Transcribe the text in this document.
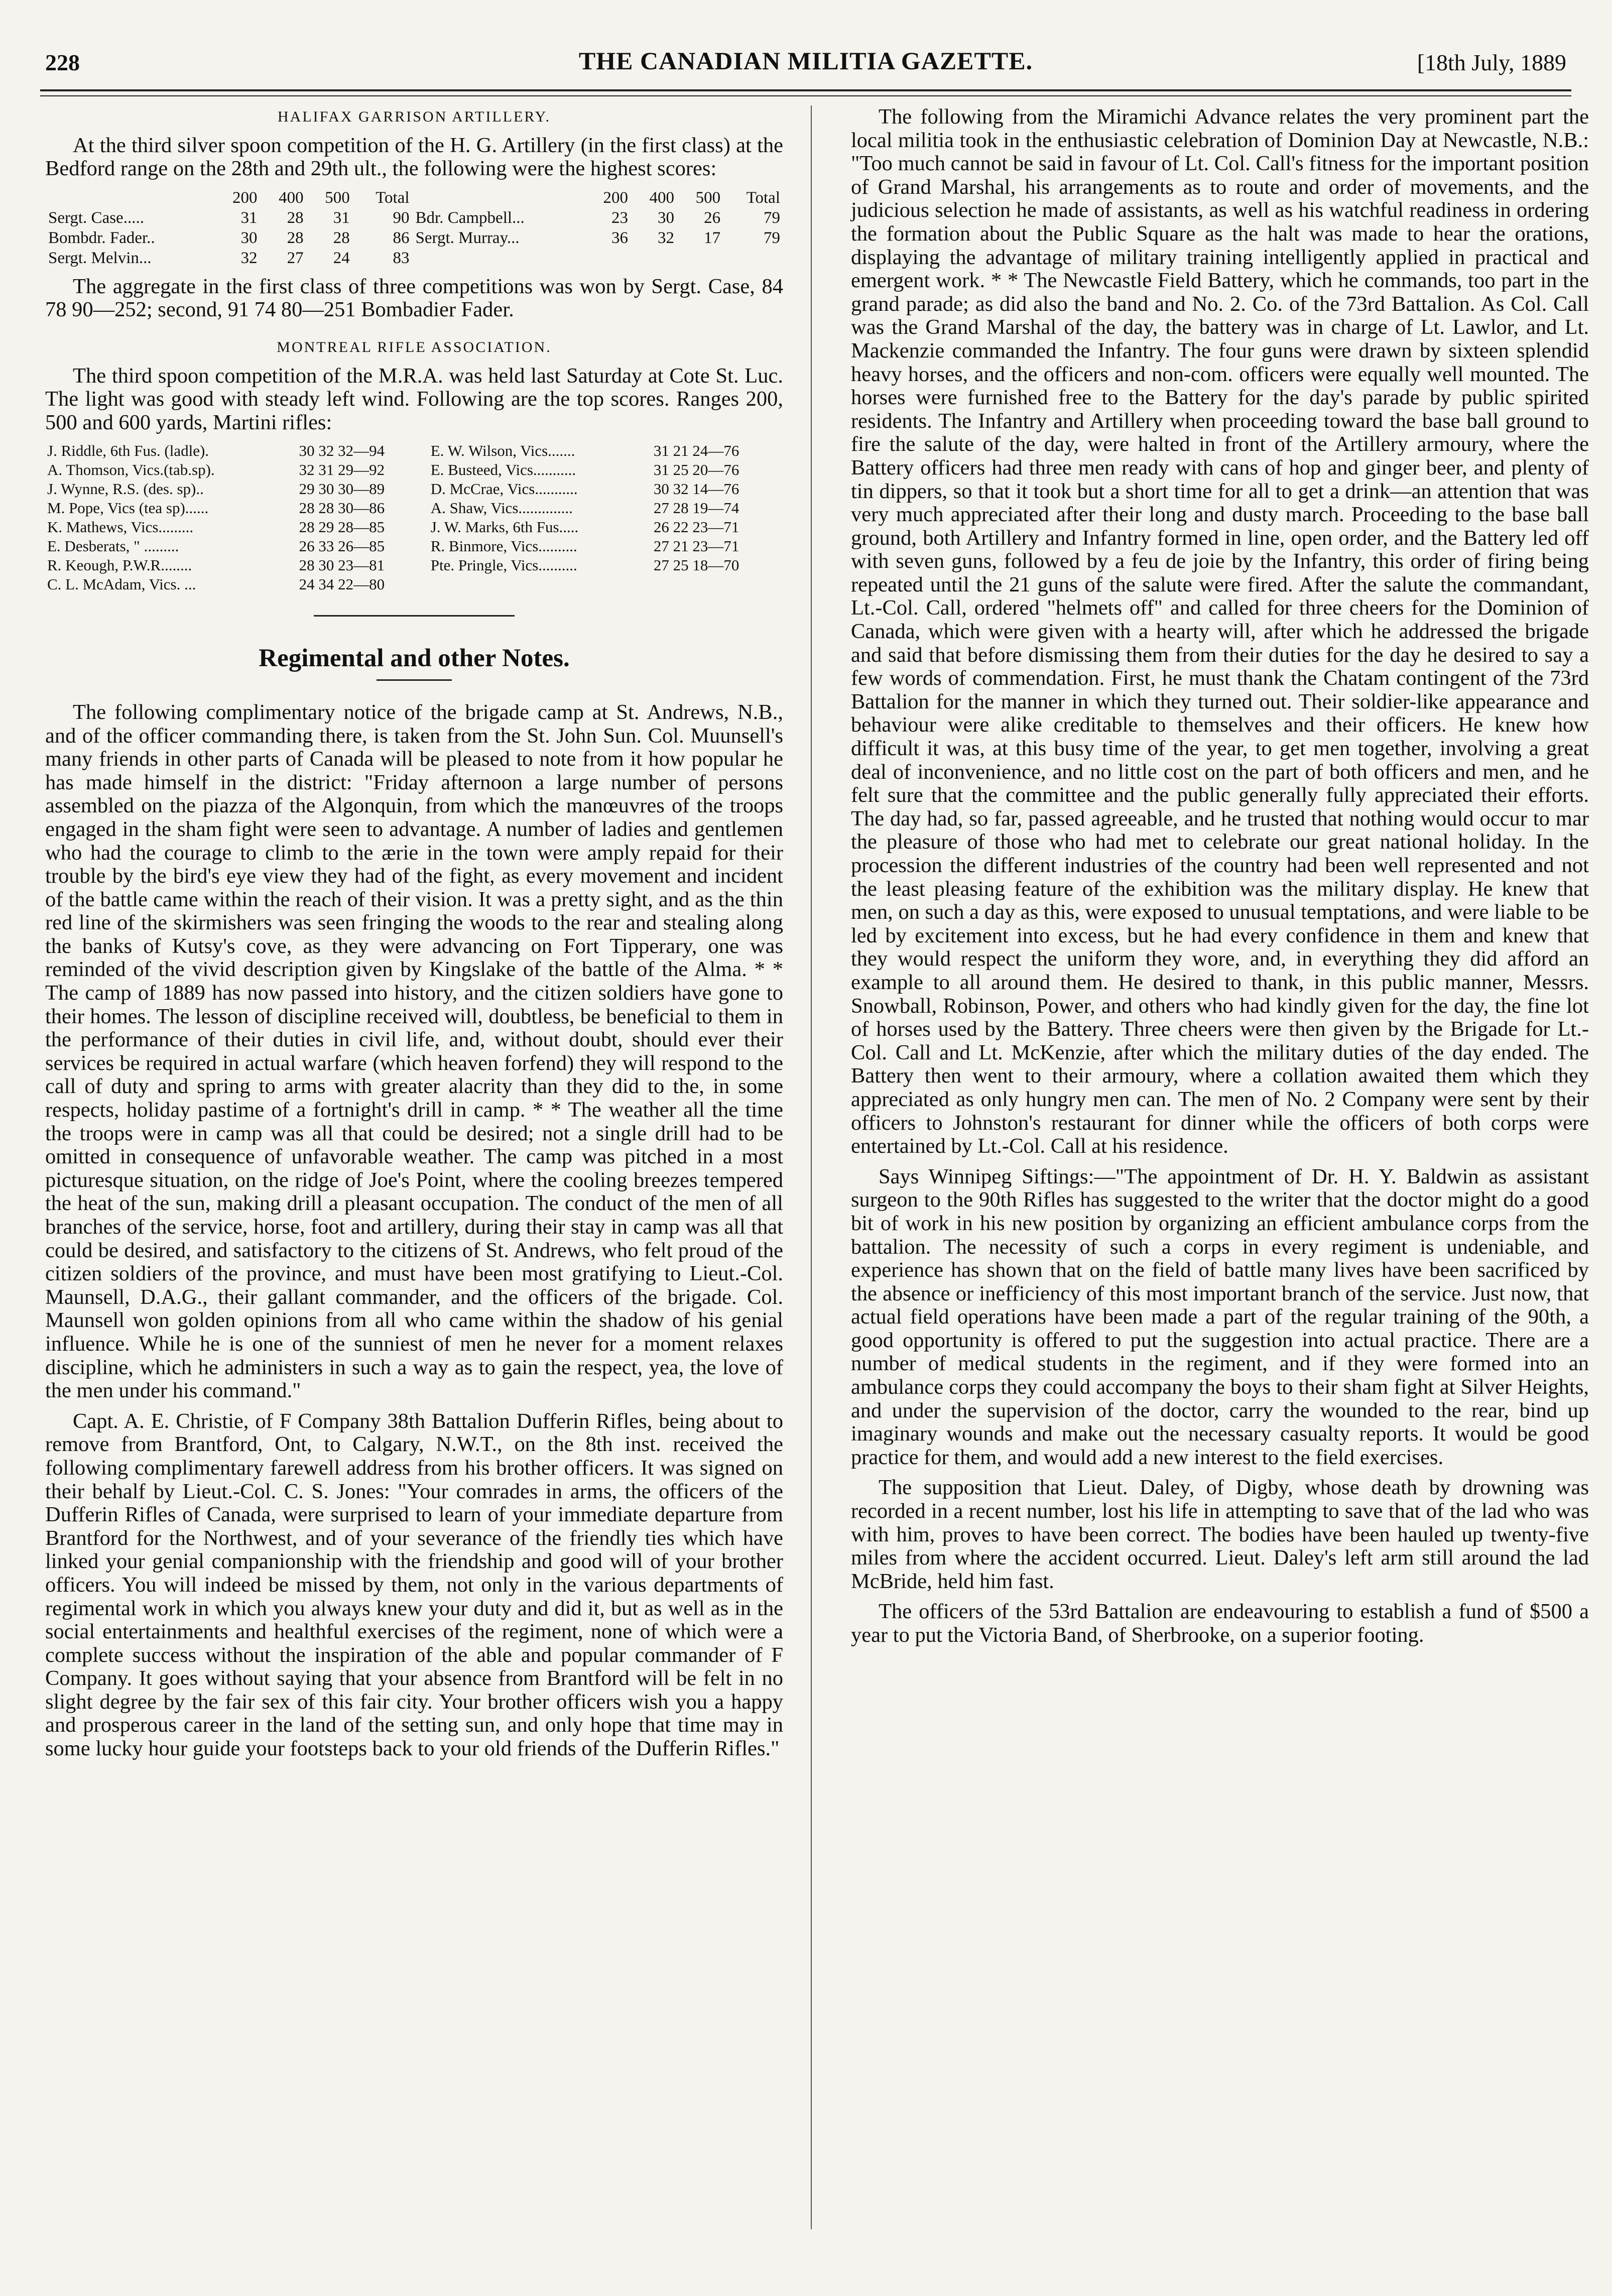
228	THE CANADIAN MILITIA GAZETTE.	[18th July, 1889

HALIFAX GARRISON ARTILLERY.

At the third silver spoon competition of the H. G. Artillery (in the first class) at the Bedford range on the 28th and 29th ult., the following were the highest scores:

	200	400	500	Total		200	400	500	Total
Sergt. Case.....	31	28	31	90	Bdr. Campbell...	23	30	26	79
Bombdr. Fader..	30	28	28	86	Sergt. Murray...	36	32	17	79
Sergt. Melvin...	32	27	24	83					

The aggregate in the first class of three competitions was won by Sergt. Case, 84 78 90—252; second, 91 74 80—251 Bombadier Fader.

MONTREAL RIFLE ASSOCIATION.

The third spoon competition of the M.R.A. was held last Saturday at Cote St. Luc. The light was good with steady left wind. Following are the top scores. Ranges 200, 500 and 600 yards, Martini rifles:

J. Riddle, 6th Fus. (ladle).	30 32 32—94	E. W. Wilson, Vics.......	31 21 24—76
A. Thomson, Vics.(tab.sp).	32 31 29—92	E. Busteed, Vics...........	31 25 20—76
J. Wynne, R.S. (des. sp)..	29 30 30—89	D. McCrae, Vics...........	30 32 14—76
M. Pope, Vics (tea sp)......	28 28 30—86	A. Shaw, Vics..............	27 28 19—74
K. Mathews, Vics.........	28 29 28—85	J. W. Marks, 6th Fus.....	26 22 23—71
E. Desberats, " .........	26 33 26—85	R. Binmore, Vics..........	27 21 23—71
R. Keough, P.W.R........	28 30 23—81	Pte. Pringle, Vics..........	27 25 18—70
C. L. McAdam, Vics. ...	24 34 22—80		
Regimental and other Notes.

The following complimentary notice of the brigade camp at St. Andrews, N.B., and of the officer commanding there, is taken from the St. John Sun. Col. Muunsell's many friends in other parts of Canada will be pleased to note from it how popular he has made himself in the district: "Friday afternoon a large number of persons assembled on the piazza of the Algonquin, from which the manœuvres of the troops engaged in the sham fight were seen to advantage. A number of ladies and gentlemen who had the courage to climb to the ærie in the town were amply repaid for their trouble by the bird's eye view they had of the fight, as every movement and incident of the battle came within the reach of their vision. It was a pretty sight, and as the thin red line of the skirmishers was seen fringing the woods to the rear and stealing along the banks of Kutsy's cove, as they were advancing on Fort Tipperary, one was reminded of the vivid description given by Kingslake of the battle of the Alma. * * The camp of 1889 has now passed into history, and the citizen soldiers have gone to their homes. The lesson of discipline received will, doubtless, be beneficial to them in the performance of their duties in civil life, and, without doubt, should ever their services be required in actual warfare (which heaven forfend) they will respond to the call of duty and spring to arms with greater alacrity than they did to the, in some respects, holiday pastime of a fortnight's drill in camp. * * The weather all the time the troops were in camp was all that could be desired; not a single drill had to be omitted in consequence of unfavorable weather. The camp was pitched in a most picturesque situation, on the ridge of Joe's Point, where the cooling breezes tempered the heat of the sun, making drill a pleasant occupation. The conduct of the men of all branches of the service, horse, foot and artillery, during their stay in camp was all that could be desired, and satisfactory to the citizens of St. Andrews, who felt proud of the citizen soldiers of the province, and must have been most gratifying to Lieut.-Col. Maunsell, D.A.G., their gallant commander, and the officers of the brigade. Col. Maunsell won golden opinions from all who came within the shadow of his genial influence. While he is one of the sunniest of men he never for a moment relaxes discipline, which he administers in such a way as to gain the respect, yea, the love of the men under his command."

Capt. A. E. Christie, of F Company 38th Battalion Dufferin Rifles, being about to remove from Brantford, Ont, to Calgary, N.W.T., on the 8th inst. received the following complimentary farewell address from his brother officers. It was signed on their behalf by Lieut.-Col. C. S. Jones: "Your comrades in arms, the officers of the Dufferin Rifles of Canada, were surprised to learn of your immediate departure from Brantford for the Northwest, and of your severance of the friendly ties which have linked your genial companionship with the friendship and good will of your brother officers. You will indeed be missed by them, not only in the various departments of regimental work in which you always knew your duty and did it, but as well as in the social entertainments and healthful exercises of the regiment, none of which were a complete success without the inspiration of the able and popular commander of F Company. It goes without saying that your absence from Brantford will be felt in no slight degree by the fair sex of this fair city. Your brother officers wish you a happy and prosperous career in the land of the setting sun, and only hope that time may in some lucky hour guide your footsteps back to your old friends of the Dufferin Rifles."

The following from the Miramichi Advance relates the very prominent part the local militia took in the enthusiastic celebration of Dominion Day at Newcastle, N.B.: "Too much cannot be said in favour of Lt. Col. Call's fitness for the important position of Grand Marshal, his arrangements as to route and order of movements, and the judicious selection he made of assistants, as well as his watchful readiness in ordering the formation about the Public Square as the halt was made to hear the orations, displaying the advantage of military training intelligently applied in practical and emergent work. * * The Newcastle Field Battery, which he commands, too part in the grand parade; as did also the band and No. 2. Co. of the 73rd Battalion. As Col. Call was the Grand Marshal of the day, the battery was in charge of Lt. Lawlor, and Lt. Mackenzie commanded the Infantry. The four guns were drawn by sixteen splendid heavy horses, and the officers and non-com. officers were equally well mounted. The horses were furnished free to the Battery for the day's parade by public spirited residents. The Infantry and Artillery when proceeding toward the base ball ground to fire the salute of the day, were halted in front of the Artillery armoury, where the Battery officers had three men ready with cans of hop and ginger beer, and plenty of tin dippers, so that it took but a short time for all to get a drink—an attention that was very much appreciated after their long and dusty march. Proceeding to the base ball ground, both Artillery and Infantry formed in line, open order, and the Battery led off with seven guns, followed by a feu de joie by the Infantry, this order of firing being repeated until the 21 guns of the salute were fired. After the salute the commandant, Lt.-Col. Call, ordered "helmets off" and called for three cheers for the Dominion of Canada, which were given with a hearty will, after which he addressed the brigade and said that before dismissing them from their duties for the day he desired to say a few words of commendation. First, he must thank the Chatam contingent of the 73rd Battalion for the manner in which they turned out. Their soldier-like appearance and behaviour were alike creditable to themselves and their officers. He knew how difficult it was, at this busy time of the year, to get men together, involving a great deal of inconvenience, and no little cost on the part of both officers and men, and he felt sure that the committee and the public generally fully appreciated their efforts. The day had, so far, passed agreeable, and he trusted that nothing would occur to mar the pleasure of those who had met to celebrate our great national holiday. In the procession the different industries of the country had been well represented and not the least pleasing feature of the exhibition was the military display. He knew that men, on such a day as this, were exposed to unusual temptations, and were liable to be led by excitement into excess, but he had every confidence in them and knew that they would respect the uniform they wore, and, in everything they did afford an example to all around them. He desired to thank, in this public manner, Messrs. Snowball, Robinson, Power, and others who had kindly given for the day, the fine lot of horses used by the Battery. Three cheers were then given by the Brigade for Lt.-Col. Call and Lt. McKenzie, after which the military duties of the day ended. The Battery then went to their armoury, where a collation awaited them which they appreciated as only hungry men can. The men of No. 2 Company were sent by their officers to Johnston's restaurant for dinner while the officers of both corps were entertained by Lt.-Col. Call at his residence.

Says Winnipeg Siftings:—"The appointment of Dr. H. Y. Baldwin as assistant surgeon to the 90th Rifles has suggested to the writer that the doctor might do a good bit of work in his new position by organizing an efficient ambulance corps from the battalion. The necessity of such a corps in every regiment is undeniable, and experience has shown that on the field of battle many lives have been sacrificed by the absence or inefficiency of this most important branch of the service. Just now, that actual field operations have been made a part of the regular training of the 90th, a good opportunity is offered to put the suggestion into actual practice. There are a number of medical students in the regiment, and if they were formed into an ambulance corps they could accompany the boys to their sham fight at Silver Heights, and under the supervision of the doctor, carry the wounded to the rear, bind up imaginary wounds and make out the necessary casualty reports. It would be good practice for them, and would add a new interest to the field exercises.

The supposition that Lieut. Daley, of Digby, whose death by drowning was recorded in a recent number, lost his life in attempting to save that of the lad who was with him, proves to have been correct. The bodies have been hauled up twenty-five miles from where the accident occurred. Lieut. Daley's left arm still around the lad McBride, held him fast.

The officers of the 53rd Battalion are endeavouring to establish a fund of $500 a year to put the Victoria Band, of Sherbrooke, on a superior footing.
